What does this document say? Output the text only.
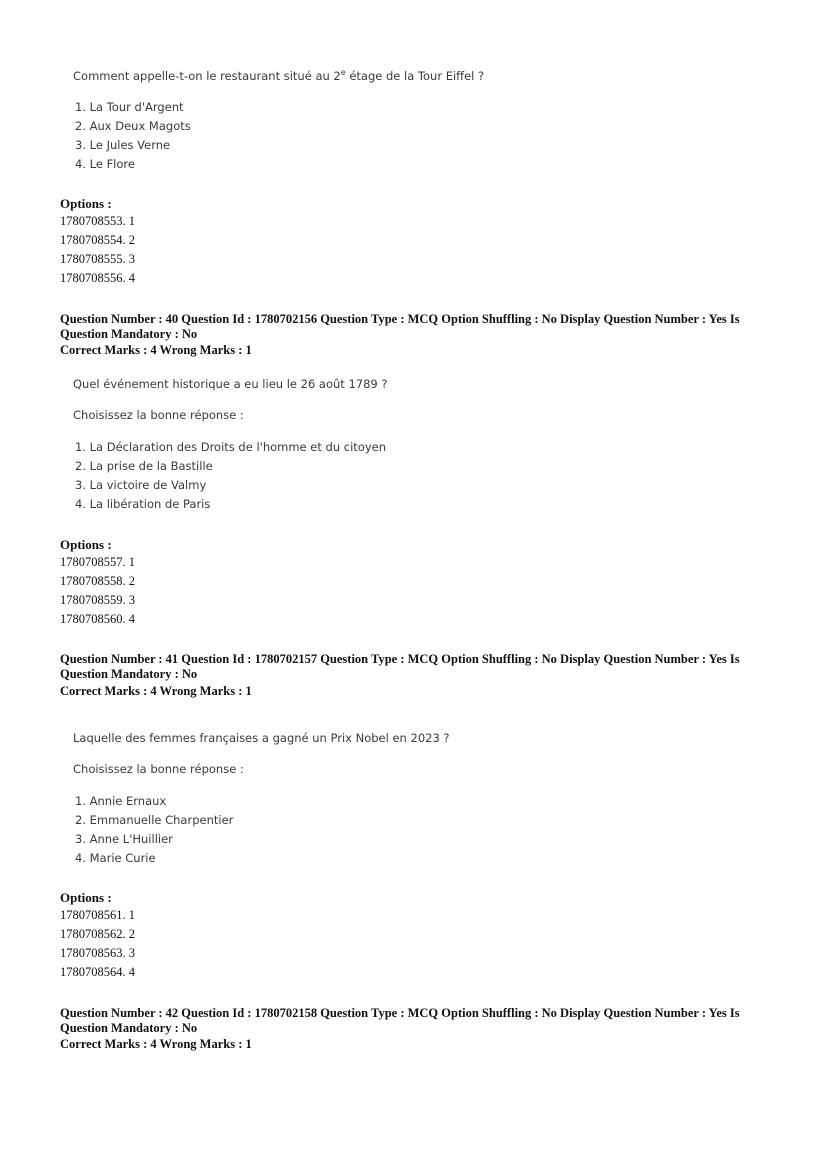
Comment appelle-t-on le restaurant situé au 2e étage de la Tour Eiffel ?
1. La Tour d'Argent
2. Aux Deux Magots
3. Le Jules Verne
4. Le Flore
Options :
1780708553. 1
1780708554. 2
1780708555. 3
1780708556. 4
Question Number : 40 Question Id : 1780702156 Question Type : MCQ Option Shuffling : No Display Question Number : Yes Is
Question Mandatory : No
Correct Marks : 4 Wrong Marks : 1
Quel événement historique a eu lieu le 26 août 1789 ?
Choisissez la bonne réponse :
1. La Déclaration des Droits de l'homme et du citoyen
2. La prise de la Bastille
3. La victoire de Valmy
4. La libération de Paris
Options :
1780708557. 1
1780708558. 2
1780708559. 3
1780708560. 4
Question Number : 41 Question Id : 1780702157 Question Type : MCQ Option Shuffling : No Display Question Number : Yes Is
Question Mandatory : No
Correct Marks : 4 Wrong Marks : 1
Laquelle des femmes françaises a gagné un Prix Nobel en 2023 ?
Choisissez la bonne réponse :
1. Annie Ernaux
2. Emmanuelle Charpentier
3. Anne L'Huillier
4. Marie Curie
Options :
1780708561. 1
1780708562. 2
1780708563. 3
1780708564. 4
Question Number : 42 Question Id : 1780702158 Question Type : MCQ Option Shuffling : No Display Question Number : Yes Is
Question Mandatory : No
Correct Marks : 4 Wrong Marks : 1
